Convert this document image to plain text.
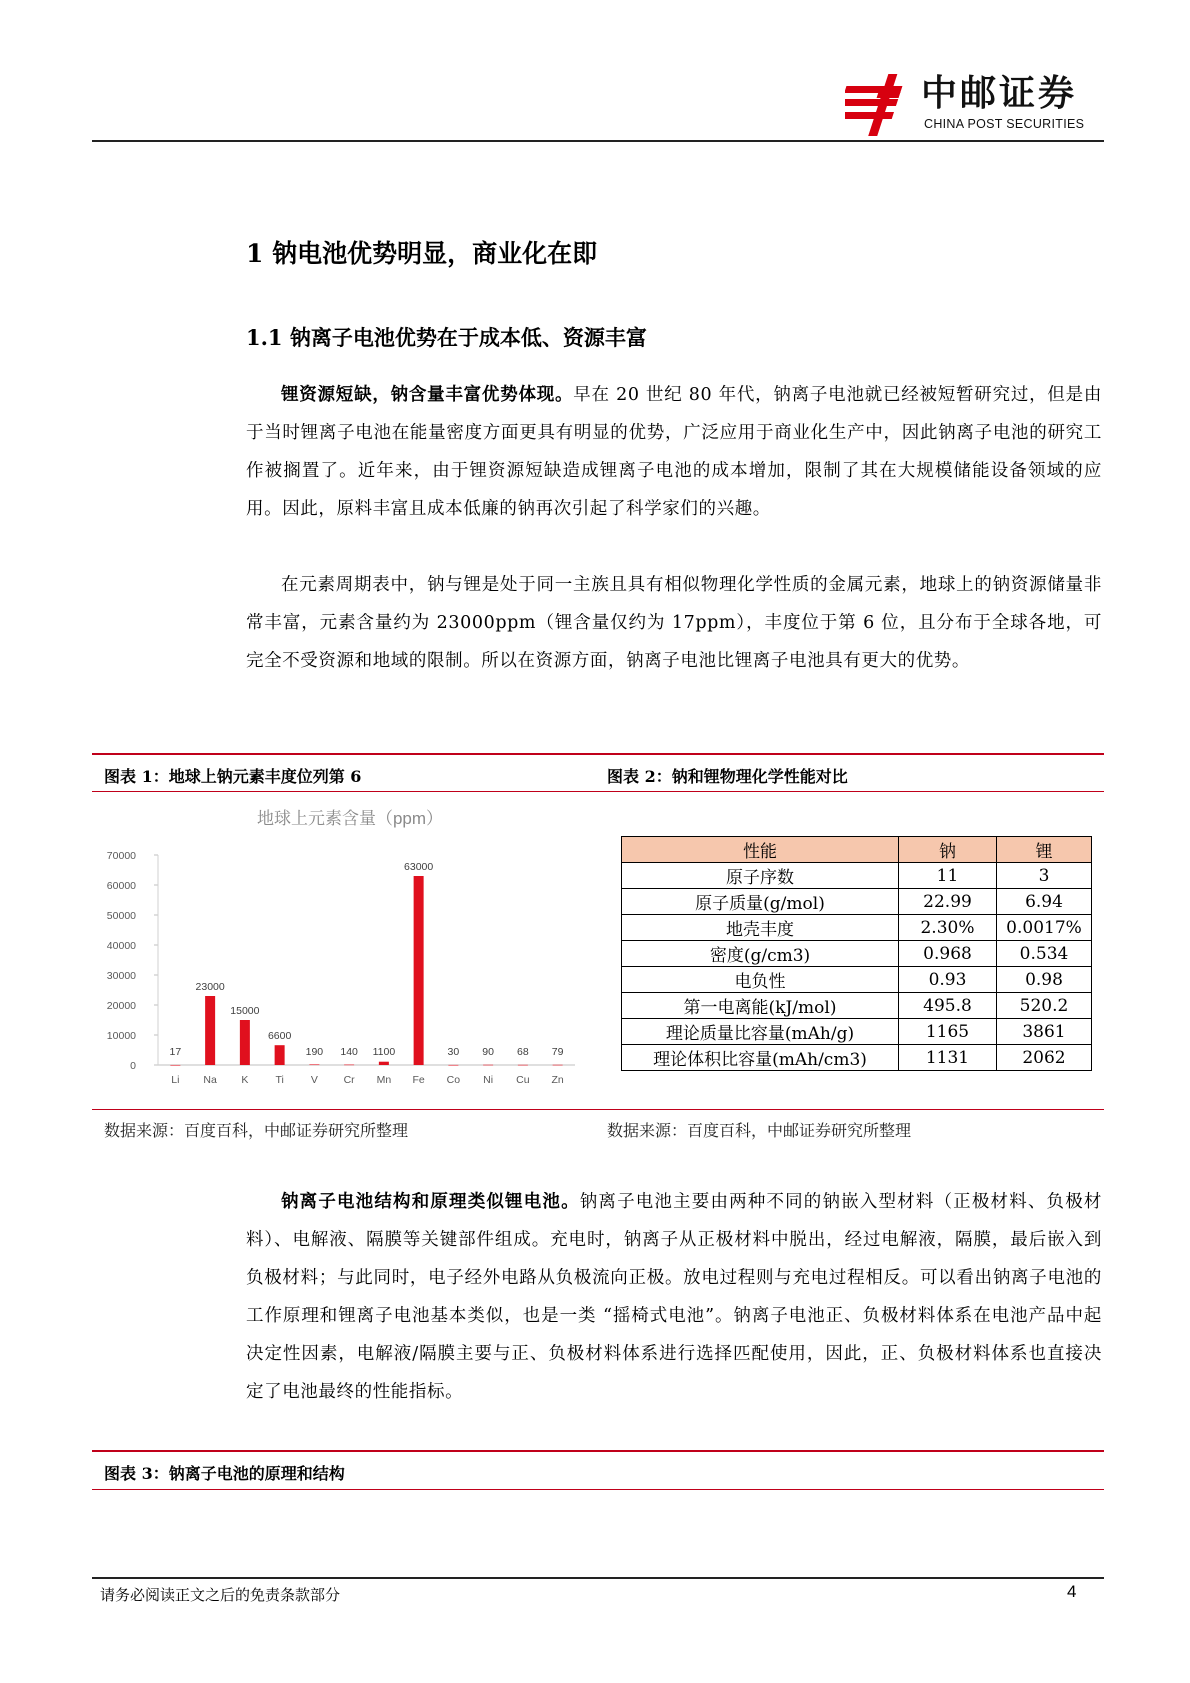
中邮证券
CHINA POST SECURITIES
1 钠电池优势明显，商业化在即
1.1 钠离子电池优势在于成本低、资源丰富
锂资源短缺，钠含量丰富优势体现。早在 20 世纪 80 年代，钠离子电池就已经被短暂研究过，但是由于当时锂离子电池在能量密度方面更具有明显的优势，广泛应用于商业化生产中，因此钠离子电池的研究工作被搁置了。近年来，由于锂资源短缺造成锂离子电池的成本增加，限制了其在大规模储能设备领域的应用。因此，原料丰富且成本低廉的钠再次引起了科学家们的兴趣。
在元素周期表中，钠与锂是处于同一主族且具有相似物理化学性质的金属元素，地球上的钠资源储量非常丰富，元素含量约为 23000ppm（锂含量仅约为 17ppm），丰度位于第 6 位，且分布于全球各地，可完全不受资源和地域的限制。所以在资源方面，钠离子电池比锂离子电池具有更大的优势。
图表 1：地球上钠元素丰度位列第 6	图表 2：钠和锂物理化学性能对比
地球上元素含量（ppm）
0
10000
20000
30000
40000
50000
60000
70000
17
23000
15000
6600
190 140 1100
63000
30 90 68 79
Li Na K	Ti	V Cr Mn Fe Co Ni Cu Zn
性能	钠	锂
原子序数	11	3
原子质量(g/mol)	22.99	6.94
地壳丰度	2.30%	0.0017%
密度(g/cm3)	0.968	0.534
电负性	0.93	0.98
第一电离能(kJ/mol)	495.8	520.2
理论质量比容量(mAh/g)	1165	3861
理论体积比容量(mAh/cm3)	1131	2062
数据来源：百度百科，中邮证券研究所整理	数据来源：百度百科，中邮证券研究所整理
钠离子电池结构和原理类似锂电池。钠离子电池主要由两种不同的钠嵌入型材料（正极材料、负极材料）、电解液、隔膜等关键部件组成。充电时，钠离子从正极材料中脱出，经过电解液，隔膜，最后嵌入到负极材料；与此同时，电子经外电路从负极流向正极。放电过程则与充电过程相反。可以看出钠离子电池的工作原理和锂离子电池基本类似，也是一类 “摇椅式电池”。钠离子电池正、负极材料体系在电池产品中起决定性因素，电解液/隔膜主要与正、负极材料体系进行选择匹配使用，因此，正、负极材料体系也直接决定了电池最终的性能指标。
图表 3：钠离子电池的原理和结构
请务必阅读正文之后的免责条款部分	4
